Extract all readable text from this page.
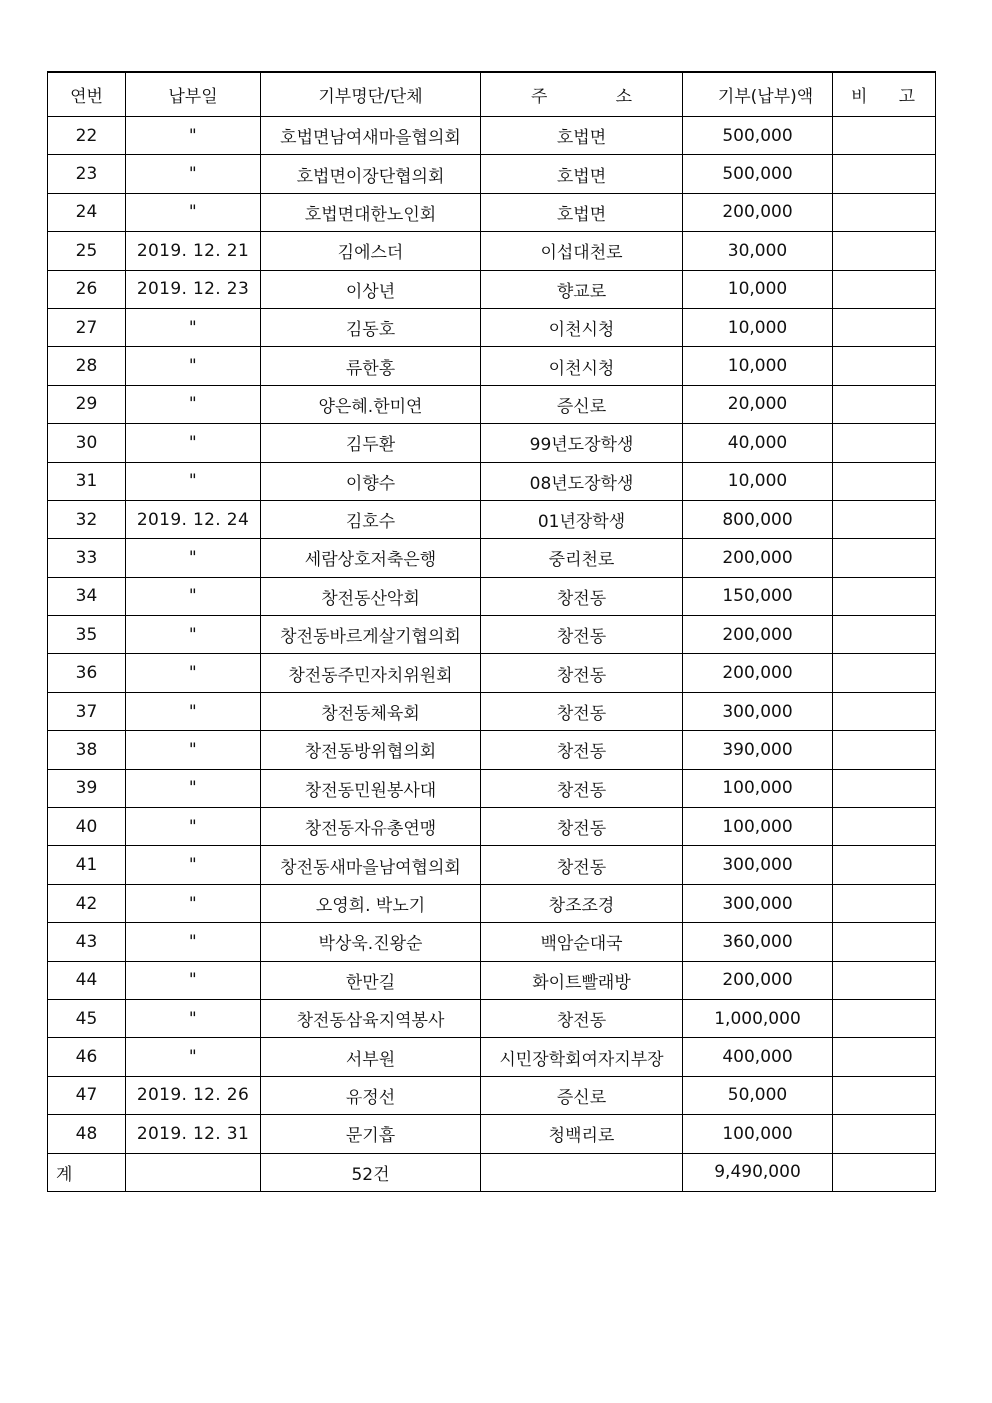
연번	납부일	기부명단/단체	주 소	기부(납부)액	비 고

22	"	호법면남여새마을협의회	호법면	500,000	
23	"	호법면이장단협의회	호법면	500,000	
24	"	호법면대한노인회	호법면	200,000	
25	2019. 12. 21	김에스더	이섭대천로	30,000	
26	2019. 12. 23	이상년	향교로	10,000	
27	"	김동호	이천시청	10,000	
28	"	류한홍	이천시청	10,000	
29	"	양은혜.한미연	증신로	20,000	
30	"	김두환	99년도장학생	40,000	
31	"	이향수	08년도장학생	10,000	
32	2019. 12. 24	김호수	01년장학생	800,000	
33	"	세람상호저축은행	중리천로	200,000	
34	"	창전동산악회	창전동	150,000	
35	"	창전동바르게살기협의회	창전동	200,000	
36	"	창전동주민자치위원회	창전동	200,000	
37	"	창전동체육회	창전동	300,000	
38	"	창전동방위협의회	창전동	390,000	
39	"	창전동민원봉사대	창전동	100,000	
40	"	창전동자유총연맹	창전동	100,000	
41	"	창전동새마을남여협의회	창전동	300,000	
42	"	오영희. 박노기	창조조경	300,000	
43	"	박상욱.진왕순	백암순대국	360,000	
44	"	한만길	화이트빨래방	200,000	
45	"	창전동삼육지역봉사	창전동	1,000,000	
46	"	서부원	시민장학회여자지부장	400,000	
47	2019. 12. 26	유정선	증신로	50,000	
48	2019. 12. 31	문기흡	청백리로	100,000	
계		52건		9,490,000	
